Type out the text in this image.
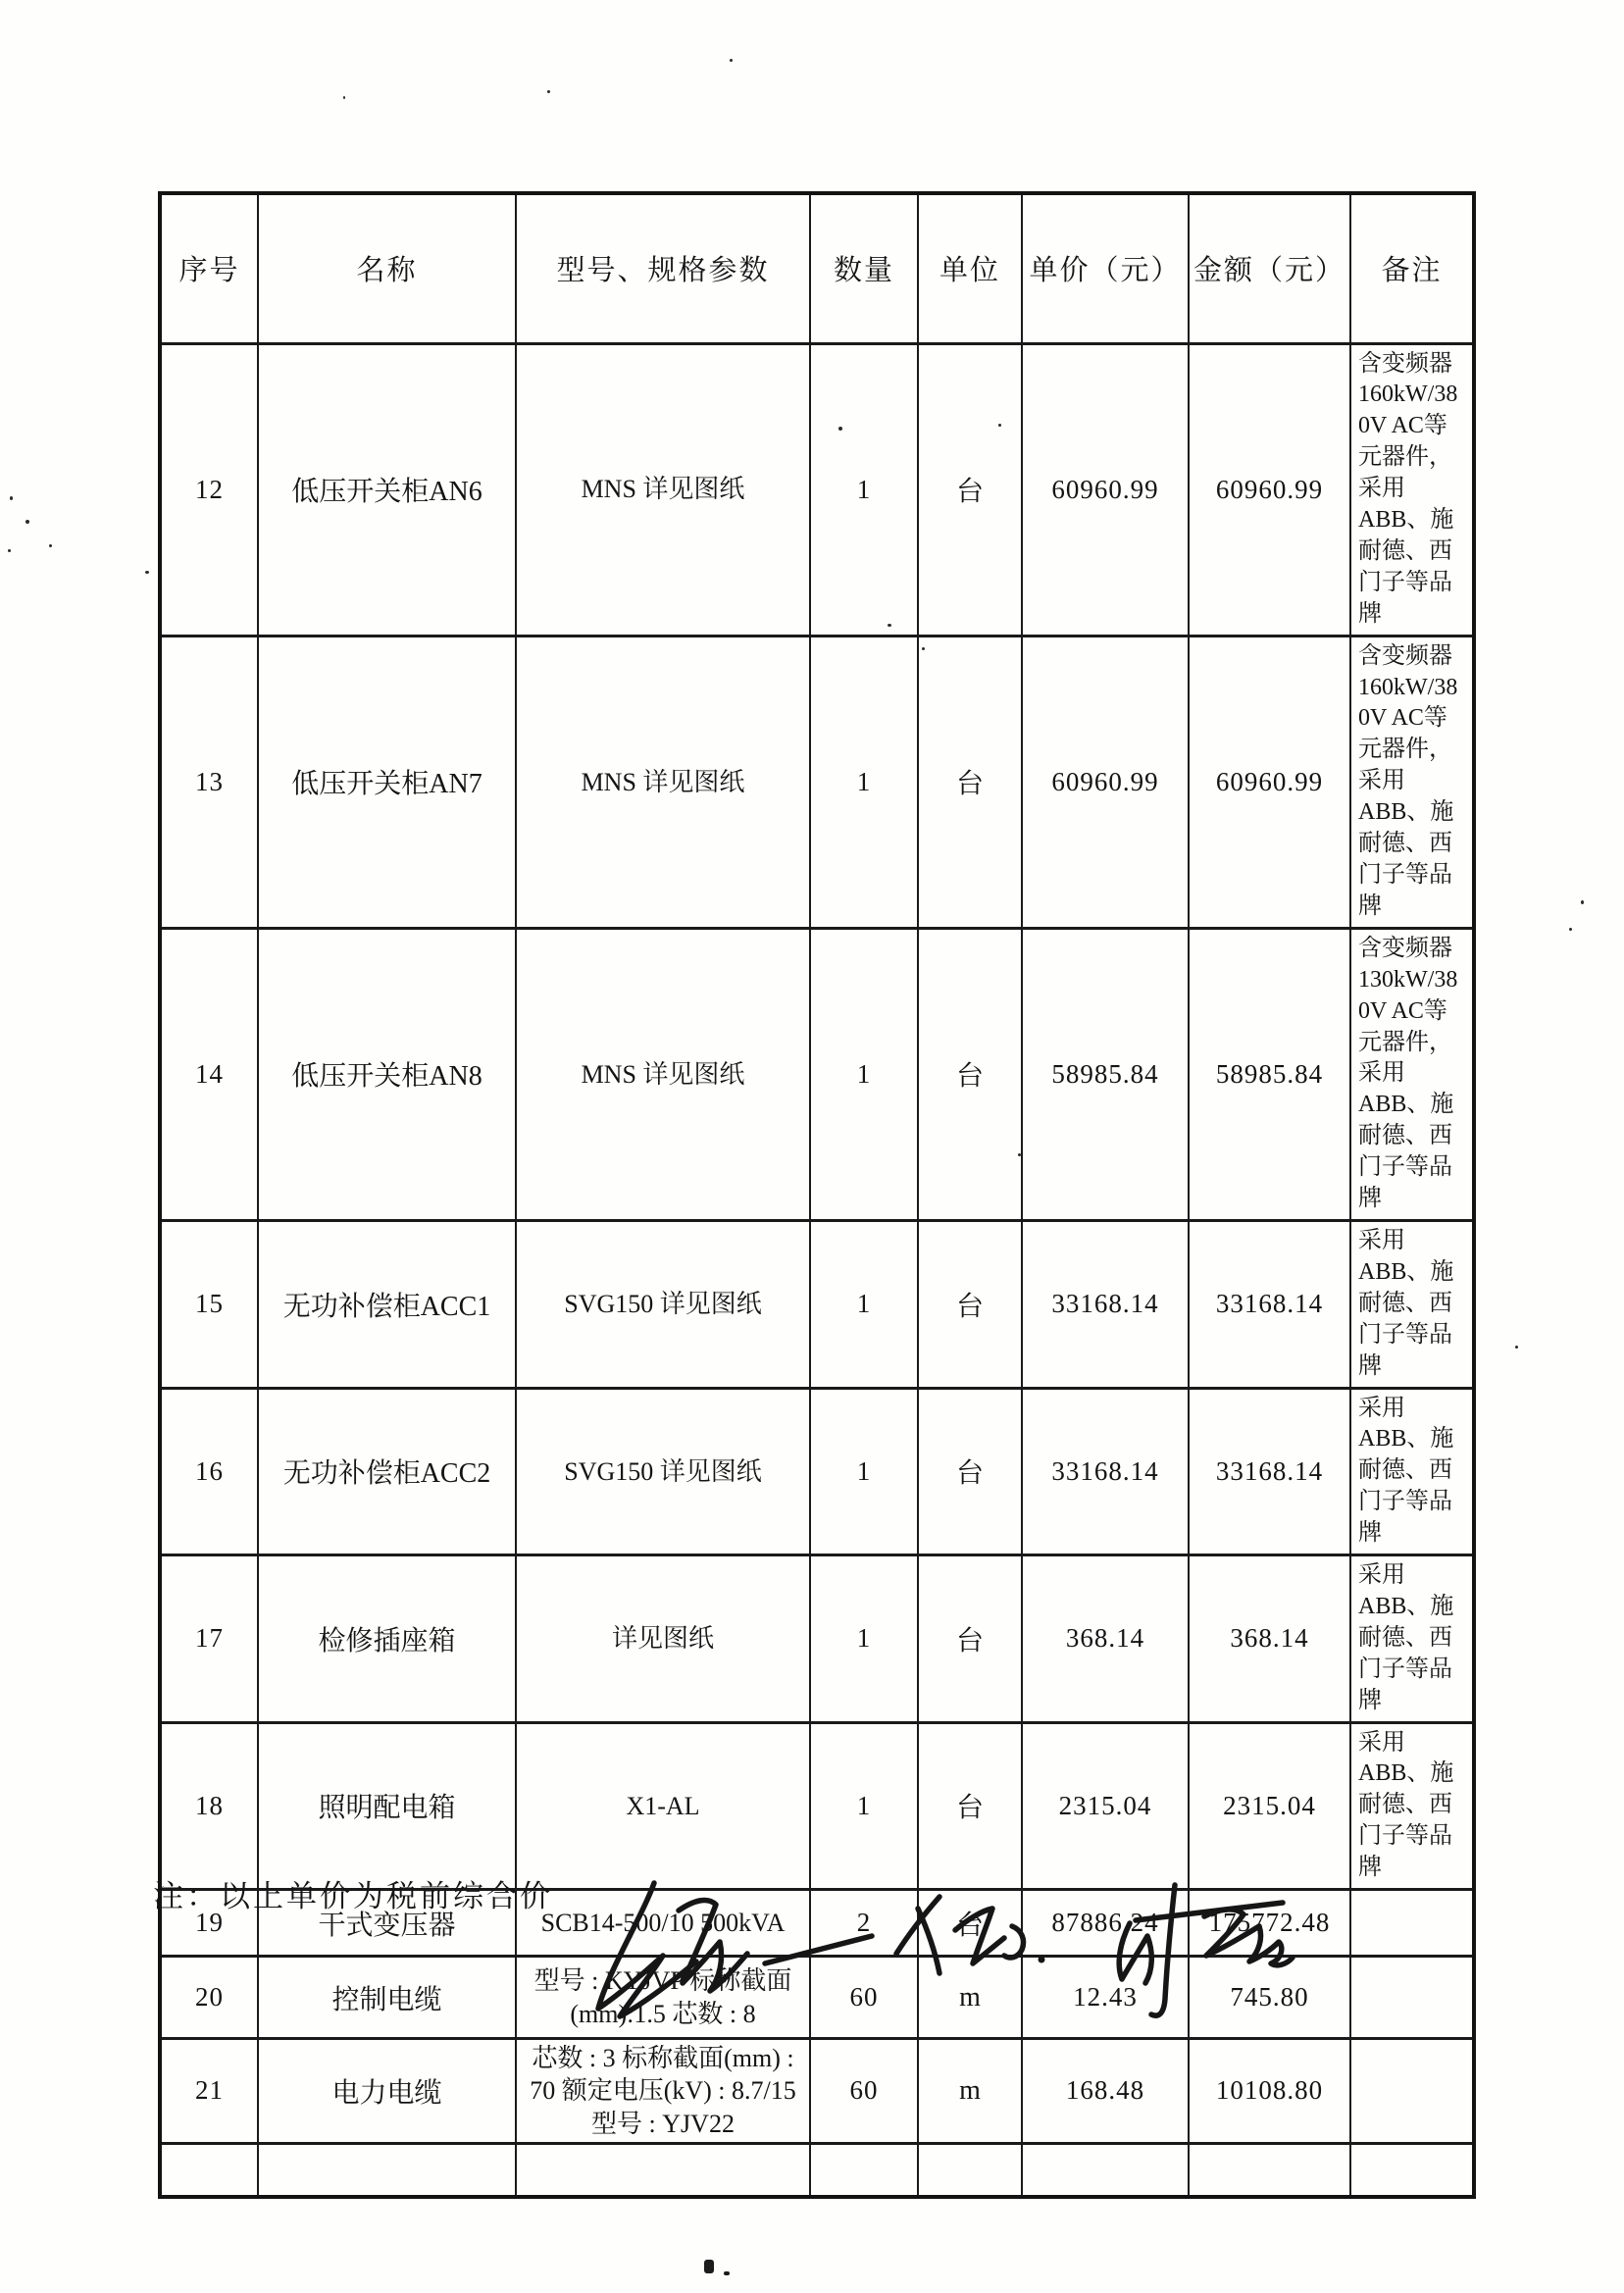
序号	名称	型号、规格参数	数量	单位	单价（元）	金额（元）	备注
12	低压开关柜AN6	MNS 详见图纸	1	台	60960.99	60960.99	含变频器160kW/380V AC等元器件，采用ABB、施耐德、西门子等品牌
13	低压开关柜AN7	MNS 详见图纸	1	台	60960.99	60960.99	含变频器160kW/380V AC等元器件，采用ABB、施耐德、西门子等品牌
14	低压开关柜AN8	MNS 详见图纸	1	台	58985.84	58985.84	含变频器130kW/380V AC等元器件，采用ABB、施耐德、西门子等品牌
15	无功补偿柜ACC1	SVG150 详见图纸	1	台	33168.14	33168.14	采用ABB、施耐德、西门子等品牌
16	无功补偿柜ACC2	SVG150 详见图纸	1	台	33168.14	33168.14	采用ABB、施耐德、西门子等品牌
17	检修插座箱	详见图纸	1	台	368.14	368.14	采用ABB、施耐德、西门子等品牌
18	照明配电箱	X1-AL	1	台	2315.04	2315.04	采用ABB、施耐德、西门子等品牌
19	干式变压器	SCB14-500/10 500kVA	2	台	87886.24	175772.48	
20	控制电缆	型号 : KYJVP 标称截面(mm):1.5 芯数 : 8	60	m	12.43	745.80	
21	电力电缆	芯数 : 3 标称截面(mm) : 70 额定电压(kV) : 8.7/15 型号 : YJV22	60	m	168.48	10108.80	

注：以上单价为税前综合价
